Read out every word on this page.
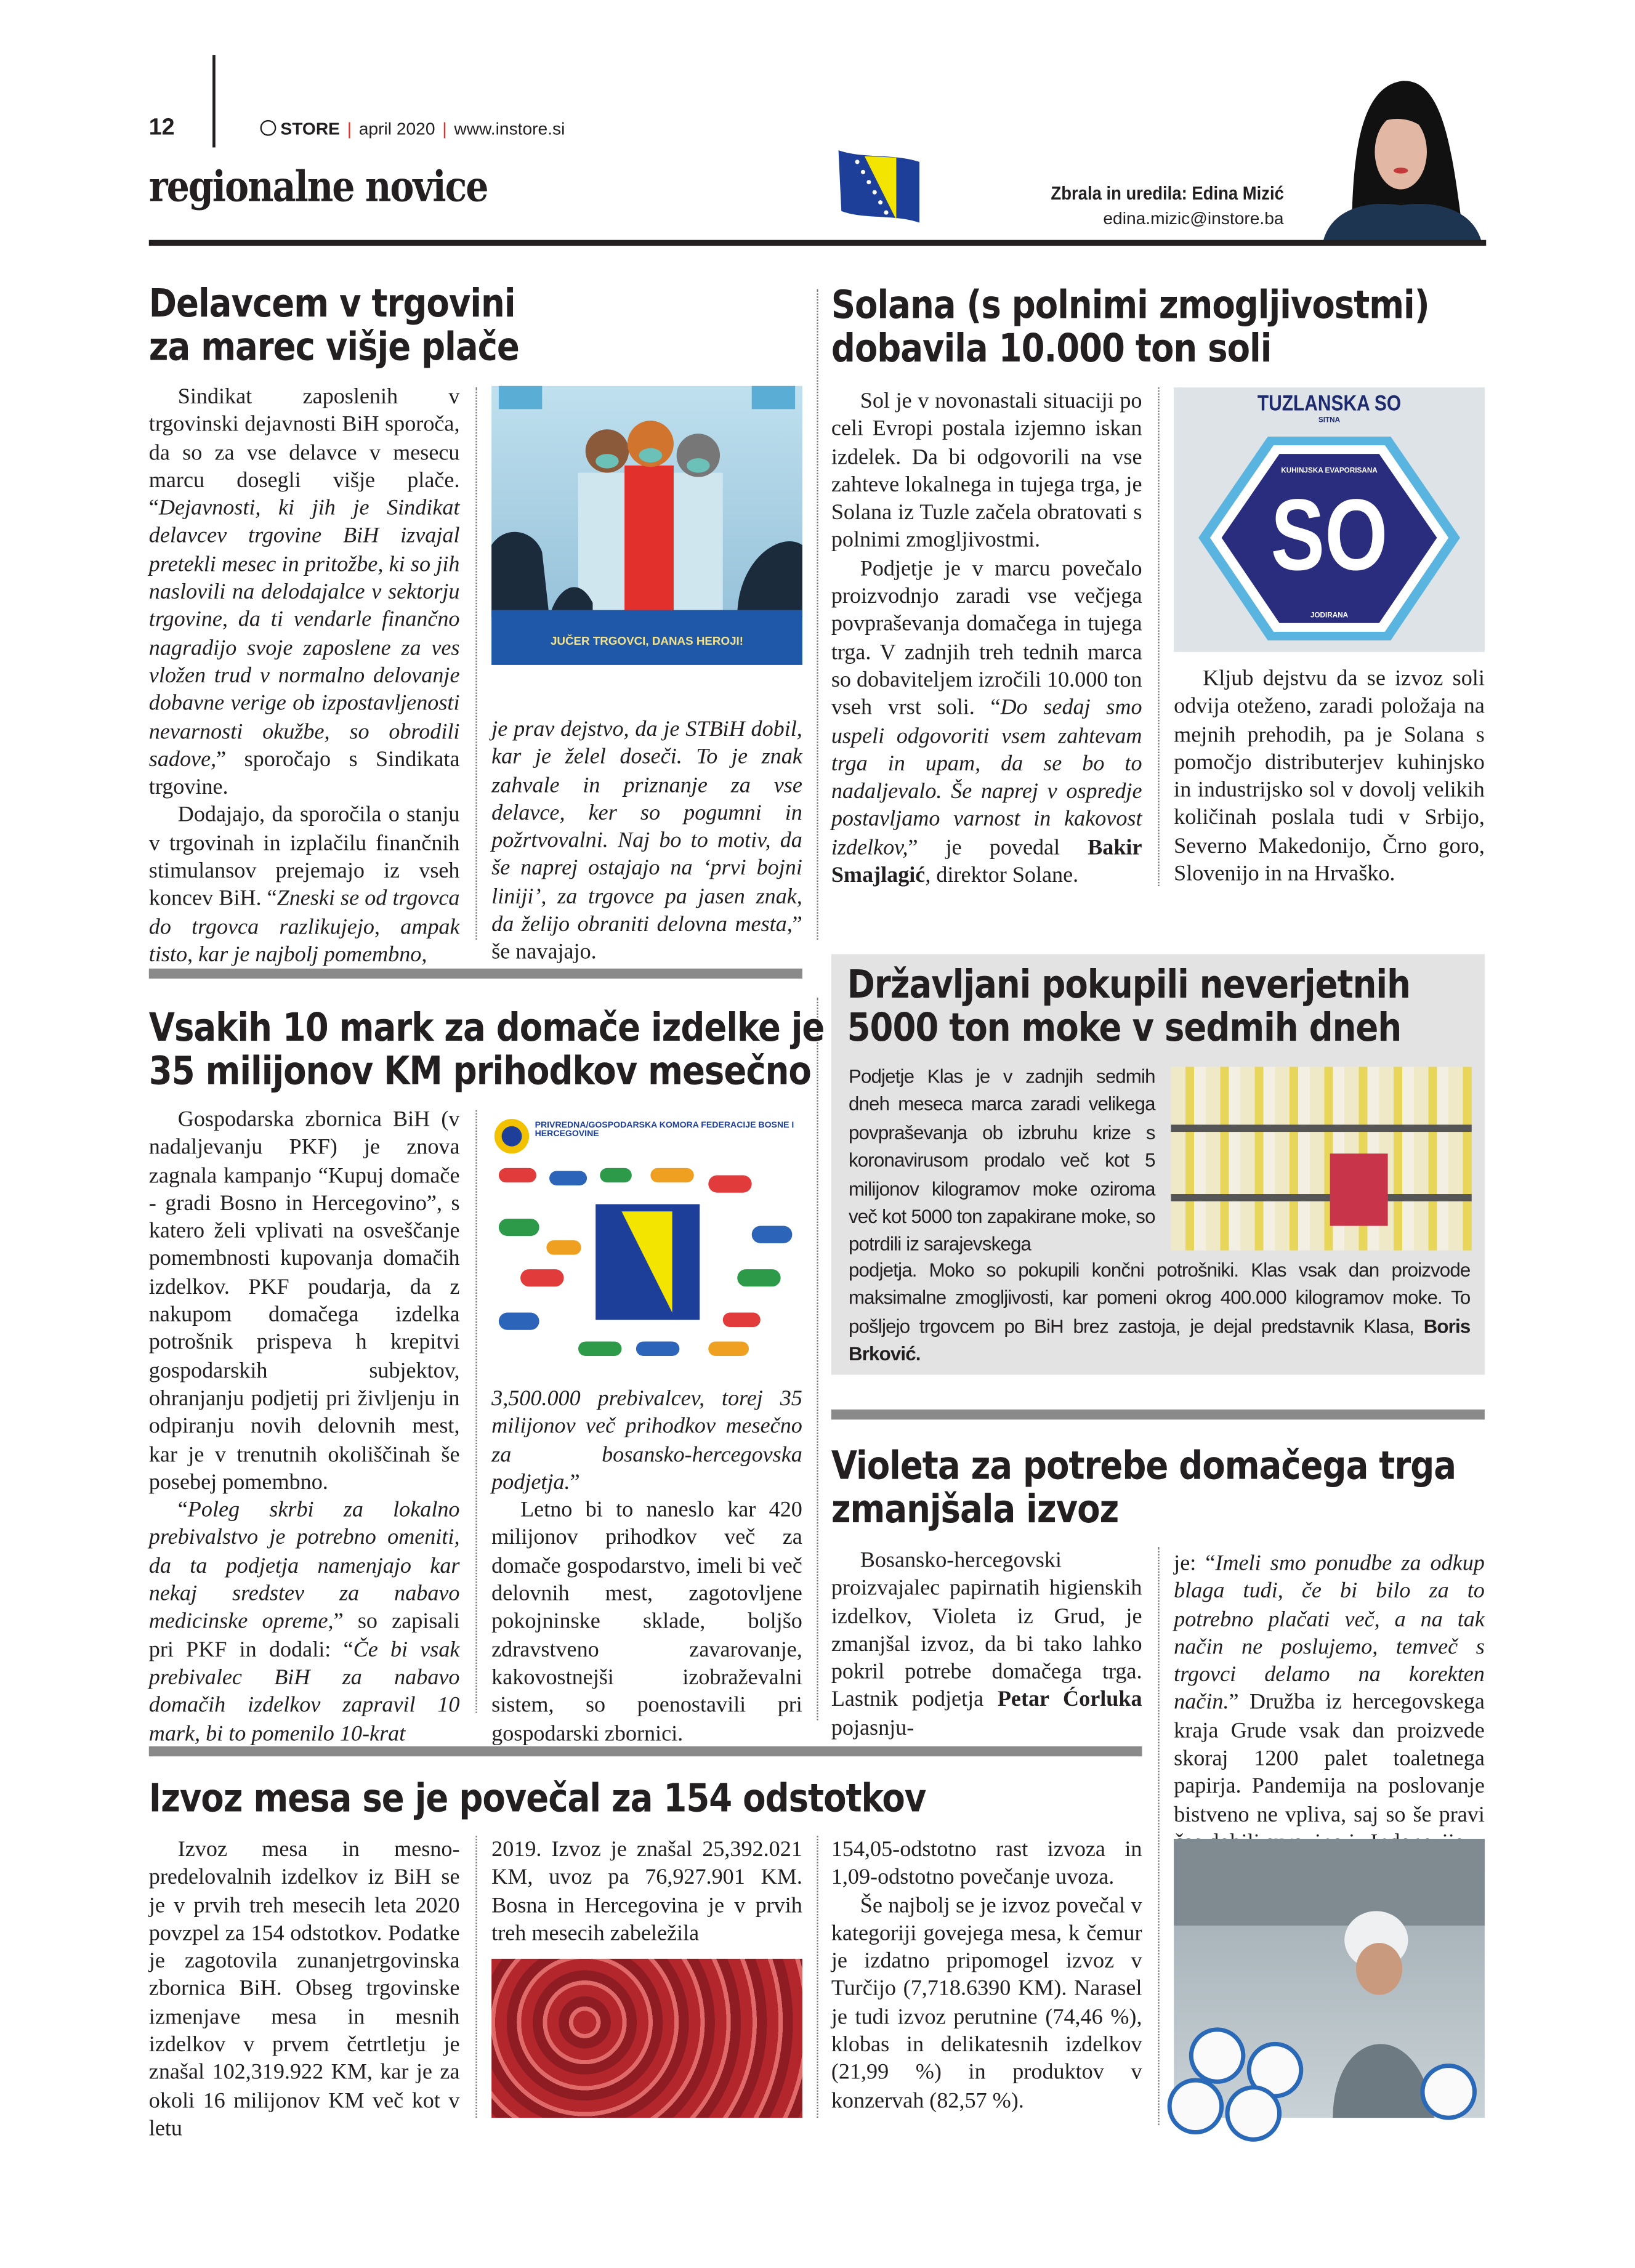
12	STORE | april 2020 | www.instore.si
regionalne novice	Zbrala in uredila: Edina Mizić
edina.mizic@instore.ba
Delavcem v trgovini
za marec višje plače

Sindikat zaposlenih v trgovinski dejavnosti BiH sporoča, da so za vse delavce v mesecu marcu dosegli višje plače. “Dejavnosti, ki jih je Sindikat delavcev trgovine BiH izvajal pretekli mesec in pritožbe, ki so jih naslovili na delodajalce v sektorju trgovine, da ti vendarle finančno nagradijo svoje zaposlene za ves vložen trud v normalno delovanje dobavne verige ob izpostavljenosti nevarnosti okužbe, so obrodili sadove,” sporočajo s Sindikata trgovine.

Dodajajo, da sporočila o stanju v trgovinah in izplačilu finančnih stimulansov prejemajo iz vseh koncev BiH. “Zneski se od trgovca do trgovca razlikujejo, ampak tisto, kar je najbolj pomembno,

JUČER TRGOVCI, DANAS HEROJI!

je prav dejstvo, da je STBiH dobil, kar je želel doseči. To je znak zahvale in priznanje za vse delavce, ker so pogumni in požrtvovalni. Naj bo to motiv, da še naprej ostajajo na ‘prvi bojni liniji’, za trgovce pa jasen znak, da želijo obraniti delovna mesta,” še navajajo.

Solana (s polnimi zmogljivostmi)
dobavila 10.000 ton soli

Sol je v novonastali situaciji po celi Evropi postala izjemno iskan izdelek. Da bi odgovorili na vse zahteve lokalnega in tujega trga, je Solana iz Tuzle začela obratovati s polnimi zmogljivostmi.

Podjetje je v marcu povečalo proizvodnjo zaradi vse večjega povpraševanja domačega in tujega trga. V zadnjih treh tednih marca so dobaviteljem izročili 10.000 ton vseh vrst soli. “Do sedaj smo uspeli odgovoriti vsem zahtevam trga in upam, da se bo to nadaljevalo. Še naprej v ospredje postavljamo varnost in kakovost izdelkov,” je povedal Bakir Smajlagić, direktor Solane.

TUZLANSKA SO
SITNA
KUHINJSKA EVAPORISANA
SO
JODIRANA

Kljub dejstvu da se izvoz soli odvija oteženo, zaradi položaja na mejnih prehodih, pa je Solana s pomočjo distributerjev kuhinjsko in industrijsko sol v dovolj velikih količinah poslala tudi v Srbijo, Severno Makedonijo, Črno goro, Slovenijo in na Hrvaško.

Vsakih 10 mark za domače izdelke je
35 milijonov KM prihodkov mesečno

Gospodarska zbornica BiH (v nadaljevanju PKF) je znova zagnala kampanjo “Kupuj domače - gradi Bosno in Hercegovino”, s katero želi vplivati na osveščanje pomembnosti kupovanja domačih izdelkov. PKF poudarja, da z nakupom domačega izdelka potrošnik prispeva h krepitvi gospodarskih subjektov, ohranjanju podjetij pri življenju in odpiranju novih delovnih mest, kar je v trenutnih okoliščinah še posebej pomembno.

“Poleg skrbi za lokalno prebivalstvo je potrebno omeniti, da ta podjetja namenjajo kar nekaj sredstev za nabavo medicinske opreme,” so zapisali pri PKF in dodali: “Če bi vsak prebivalec BiH za nabavo domačih izdelkov zapravil 10 mark, bi to pomenilo 10-krat

PRIVREDNA/GOSPODARSKA KOMORA FEDERACIJE BOSNE I HERCEGOVINE

3,500.000 prebivalcev, torej 35 milijonov več prihodkov mesečno za bosansko-hercegovska podjetja.”

Letno bi to naneslo kar 420 milijonov prihodkov več za domače gospodarstvo, imeli bi več delovnih mest, zagotovljene pokojninske sklade, boljšo zdravstveno zavarovanje, kakovostnejši izobraževalni sistem, so poenostavili pri gospodarski zbornici.

Državljani pokupili neverjetnih
5000 ton moke v sedmih dneh
Podjetje Klas je v zadnjih sedmih dneh meseca marca zaradi velikega povpraševanja ob izbruhu krize s koronavirusom prodalo več kot 5 milijonov kilogramov moke oziroma več kot 5000 ton zapakirane moke, so potrdili iz sarajevskega
podjetja. Moko so pokupili končni potrošniki. Klas vsak dan proizvode maksimalne zmogljivosti, kar pomeni okrog 400.000 kilogramov moke. To pošljejo trgovcem po BiH brez zastoja, je dejal predstavnik Klasa, Boris Brković.
Violeta za potrebe domačega trga
zmanjšala izvoz

Bosansko-hercegovski proizvajalec papirnatih higienskih izdelkov, Violeta iz Grud, je zmanjšal izvoz, da bi tako lahko pokril potrebe domačega trga. Lastnik podjetja Petar Ćorluka pojasnju-

je: “Imeli smo ponudbe za odkup blaga tudi, če bi bilo za to potrebno plačati več, a na tak način ne poslujemo, temveč s trgovci delamo na korekten način.” Družba iz hercegovskega kraja Grude vsak dan proizvede skoraj 1200 palet toaletnega papirja. Pandemija na poslovanje bistveno ne vpliva, saj so še pravi

Izvoz mesa se je povečal za 154 odstotkov

Izvoz mesa in mesno-predelovalnih izdelkov iz BiH se je v prvih treh mesecih leta 2020 povzpel za 154 odstotkov. Podatke je zagotovila zunanjetrgovinska zbornica BiH. Obseg trgovinske izmenjave mesa in mesnih izdelkov v prvem četrtletju je znašal 102,319.922 KM, kar je za okoli 16 milijonov KM več kot v letu

2019. Izvoz je znašal 25,392.021 KM, uvoz pa 76,927.901 KM. Bosna in Hercegovina je v prvih treh mesecih zabeležila

154,05-odstotno rast izvoza in 1,09-odstotno povečanje uvoza.

Še najbolj se je izvoz povečal v kategoriji govejega mesa, k čemur je izdatno pripomogel izvoz v Turčijo (7,718.6390 KM). Narasel je tudi izvoz perutnine (74,46 %), klobas in delikatesnih izdelkov (21,99 %) in produktov v konzervah (82,57 %).
